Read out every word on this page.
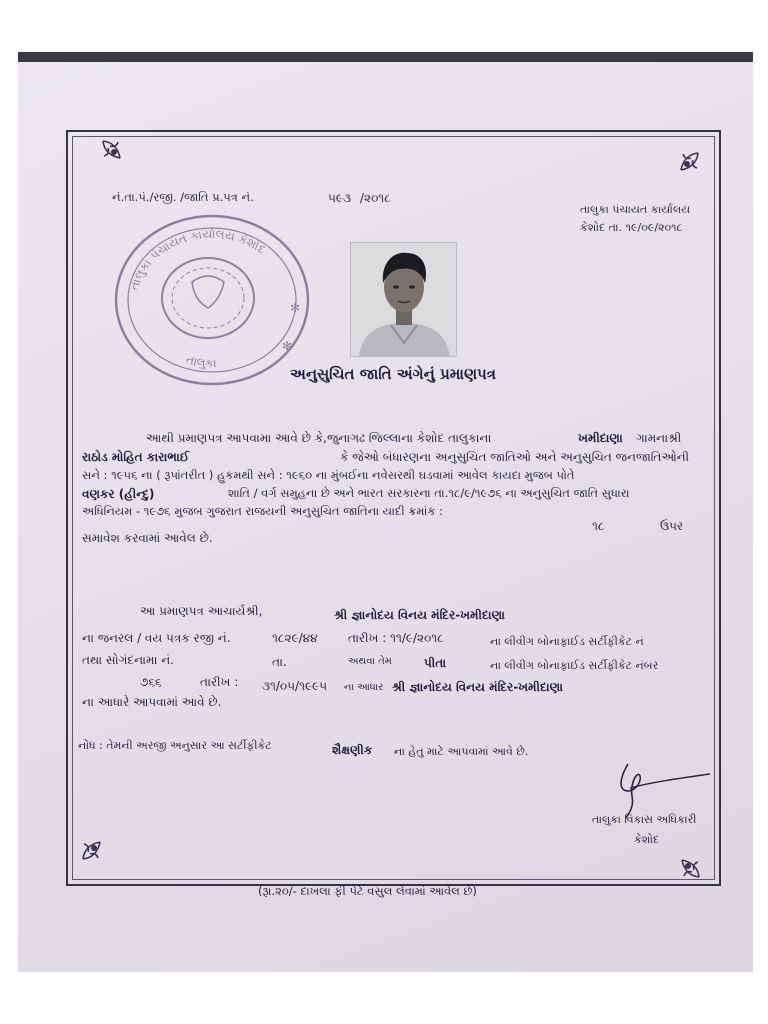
નં.તા.પં./રજી. /જાતિ પ્ર.પત્ર નં.	૫૯૩ /૨૦૧૮
તાલુકા પંચાયત કાર્યાલય
કેશોદ તા. ૧૯/૦૯/૨૦૧૮
તાલુકા પંચાયત કાર્યાલય કેશોદ
તાલુકા
✻
✻
અનુસુચિત જાતિ અંગેનું પ્રમાણપત્ર
આથી પ્રમાણપત્ર આપવામા આવે છે કે,જુનાગઢ જિલ્લાના કેશોદ તાલુકાના	ખમીદાણા ગામનાશ્રી
રાઠોડ મોહિત કારાભાઈ	કે જેઓ બંધારણના અનુસુચિત જાતિઓ અને અનુસુચિત જનજાતિઓની
સને : ૧૯૫૬ ના ( રૂપાંતરીત ) હુકમથી સને : ૧૯૬૦ ના મુંબઈના નવેસરથી ઘડવામાં આવેલ કાયદા મુજબ પોતે
વણકર (હીન્દુ)	શાતિ / વર્ગ સમુહના છે અને ભારત સરકારના તા.૧૮/૯/૧૯૭૬ ના અનુસુચિત જાતિ સુધારા
અધિનિયમ - ૧૯૭૬ મુજબ ગુજરાત રાજયની અનુસુચિત જાતિના યાદી ક્રમાંક :
૧૮	ઉપર
સમાવેશ કરવામાં આવેલ છે.
આ પ્રમાણપત્ર આચાર્યશ્રી,	શ્રી જ્ઞાનોદય વિનય મંદિર-ખમીદાણા
ના જનરલ / વય પત્રક રજી નં.	૧૮૨૯/૪૪	તારીખ : ૧૧/૯/૨૦૧૮	ના લીવીંગ બોનાફાઈડ સર્ટીફીકેટ નં
તથા સોગંદનામા નં.	તા.	અથવા તેમ	પીતા	ના લીવીંગ બોનાફાઈડ સર્ટીફીકેટ નંબર
૭૬૬	તારીખ : ૩૧/૦૫/૧૯૯૫ ના આધાર શ્રી જ્ઞાનોદય વિનય મંદિર-ખમીદાણા
ના આધારે આપવામાં આવે છે.
નોંધ : તેમની અરજી અનુસાર આ સર્ટીફીકેટ	શૈક્ષણીક ના હેતુ માટે આપવામાં આવે છે.
તાલુકા વિકાસ અધિકારી
કેશોદ
(રૂા.૨૦/- દાખલા ફી પેટે વસુલ લેવામાં આવેલ છે)
